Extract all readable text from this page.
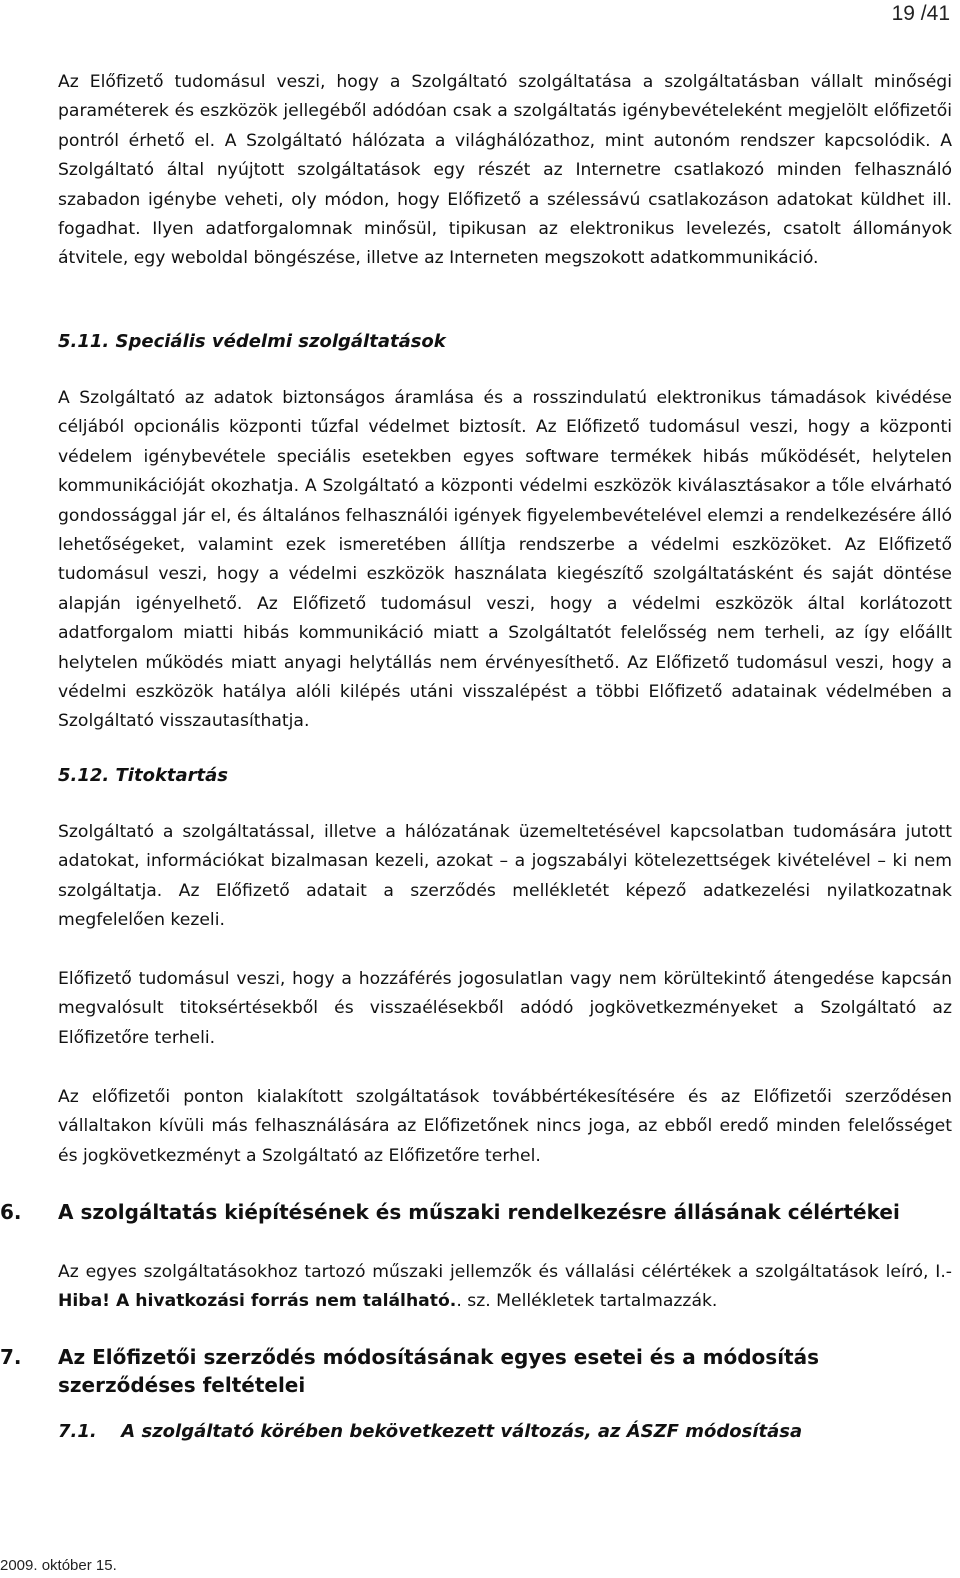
19 /41

Az Előfizető tudomásul veszi, hogy a Szolgáltató szolgáltatása a szolgáltatásban vállalt minőségi paraméterek és eszközök jellegéből adódóan csak a szolgáltatás igénybevételeként megjelölt előfizetői pontról érhető el. A Szolgáltató hálózata a világhálózathoz, mint autonóm rendszer kapcsolódik. A Szolgáltató által nyújtott szolgáltatások egy részét az Internetre csatlakozó minden felhasználó szabadon igénybe veheti, oly módon, hogy Előfizető a szélessávú csatlakozáson adatokat küldhet ill. fogadhat. Ilyen adatforgalomnak minősül, tipikusan az elektronikus levelezés, csatolt állományok átvitele, egy weboldal böngészése, illetve az Interneten megszokott adatkommunikáció.

5.11. Speciális védelmi szolgáltatások

A Szolgáltató az adatok biztonságos áramlása és a rosszindulatú elektronikus támadások kivédése céljából opcionális központi tűzfal védelmet biztosít. Az Előfizető tudomásul veszi, hogy a központi védelem igénybevétele speciális esetekben egyes software termékek hibás működését, helytelen kommunikációját okozhatja. A Szolgáltató a központi védelmi eszközök kiválasztásakor a tőle elvárható gondossággal jár el, és általános felhasználói igények figyelembevételével elemzi a rendelkezésére álló lehetőségeket, valamint ezek ismeretében állítja rendszerbe a védelmi eszközöket. Az Előfizető tudomásul veszi, hogy a védelmi eszközök használata kiegészítő szolgáltatásként és saját döntése alapján igényelhető. Az Előfizető tudomásul veszi, hogy a védelmi eszközök által korlátozott adatforgalom miatti hibás kommunikáció miatt a Szolgáltatót felelősség nem terheli, az így előállt helytelen működés miatt anyagi helytállás nem érvényesíthető. Az Előfizető tudomásul veszi, hogy a védelmi eszközök hatálya alóli kilépés utáni visszalépést a többi Előfizető adatainak védelmében a Szolgáltató visszautasíthatja.

5.12. Titoktartás

Szolgáltató a szolgáltatással, illetve a hálózatának üzemeltetésével kapcsolatban tudomására jutott adatokat, információkat bizalmasan kezeli, azokat – a jogszabályi kötelezettségek kivételével – ki nem szolgáltatja. Az Előfizető adatait a szerződés mellékletét képező adatkezelési nyilatkozatnak megfelelően kezeli.

Előfizető tudomásul veszi, hogy a hozzáférés jogosulatlan vagy nem körültekintő átengedése kapcsán megvalósult titoksértésekből és visszaélésekből adódó jogkövetkezményeket a Szolgáltató az Előfizetőre terheli.

Az előfizetői ponton kialakított szolgáltatások továbbértékesítésére és az Előfizetői szerződésen vállaltakon kívüli más felhasználására az Előfizetőnek nincs joga, az ebből eredő minden felelősséget és jogkövetkezményt a Szolgáltató az Előfizetőre terhel.

6. A szolgáltatás kiépítésének és műszaki rendelkezésre állásának célértékei

Az egyes szolgáltatásokhoz tartozó műszaki jellemzők és vállalási célértékek a szolgáltatások leíró, I.-Hiba! A hivatkozási forrás nem található.. sz. Mellékletek tartalmazzák.

7. Az Előfizetői szerződés módosításának egyes esetei és a módosítás szerződéses feltételei
7.1. A szolgáltató körében bekövetkezett változás, az ÁSZF módosítása
2009. október 15.
